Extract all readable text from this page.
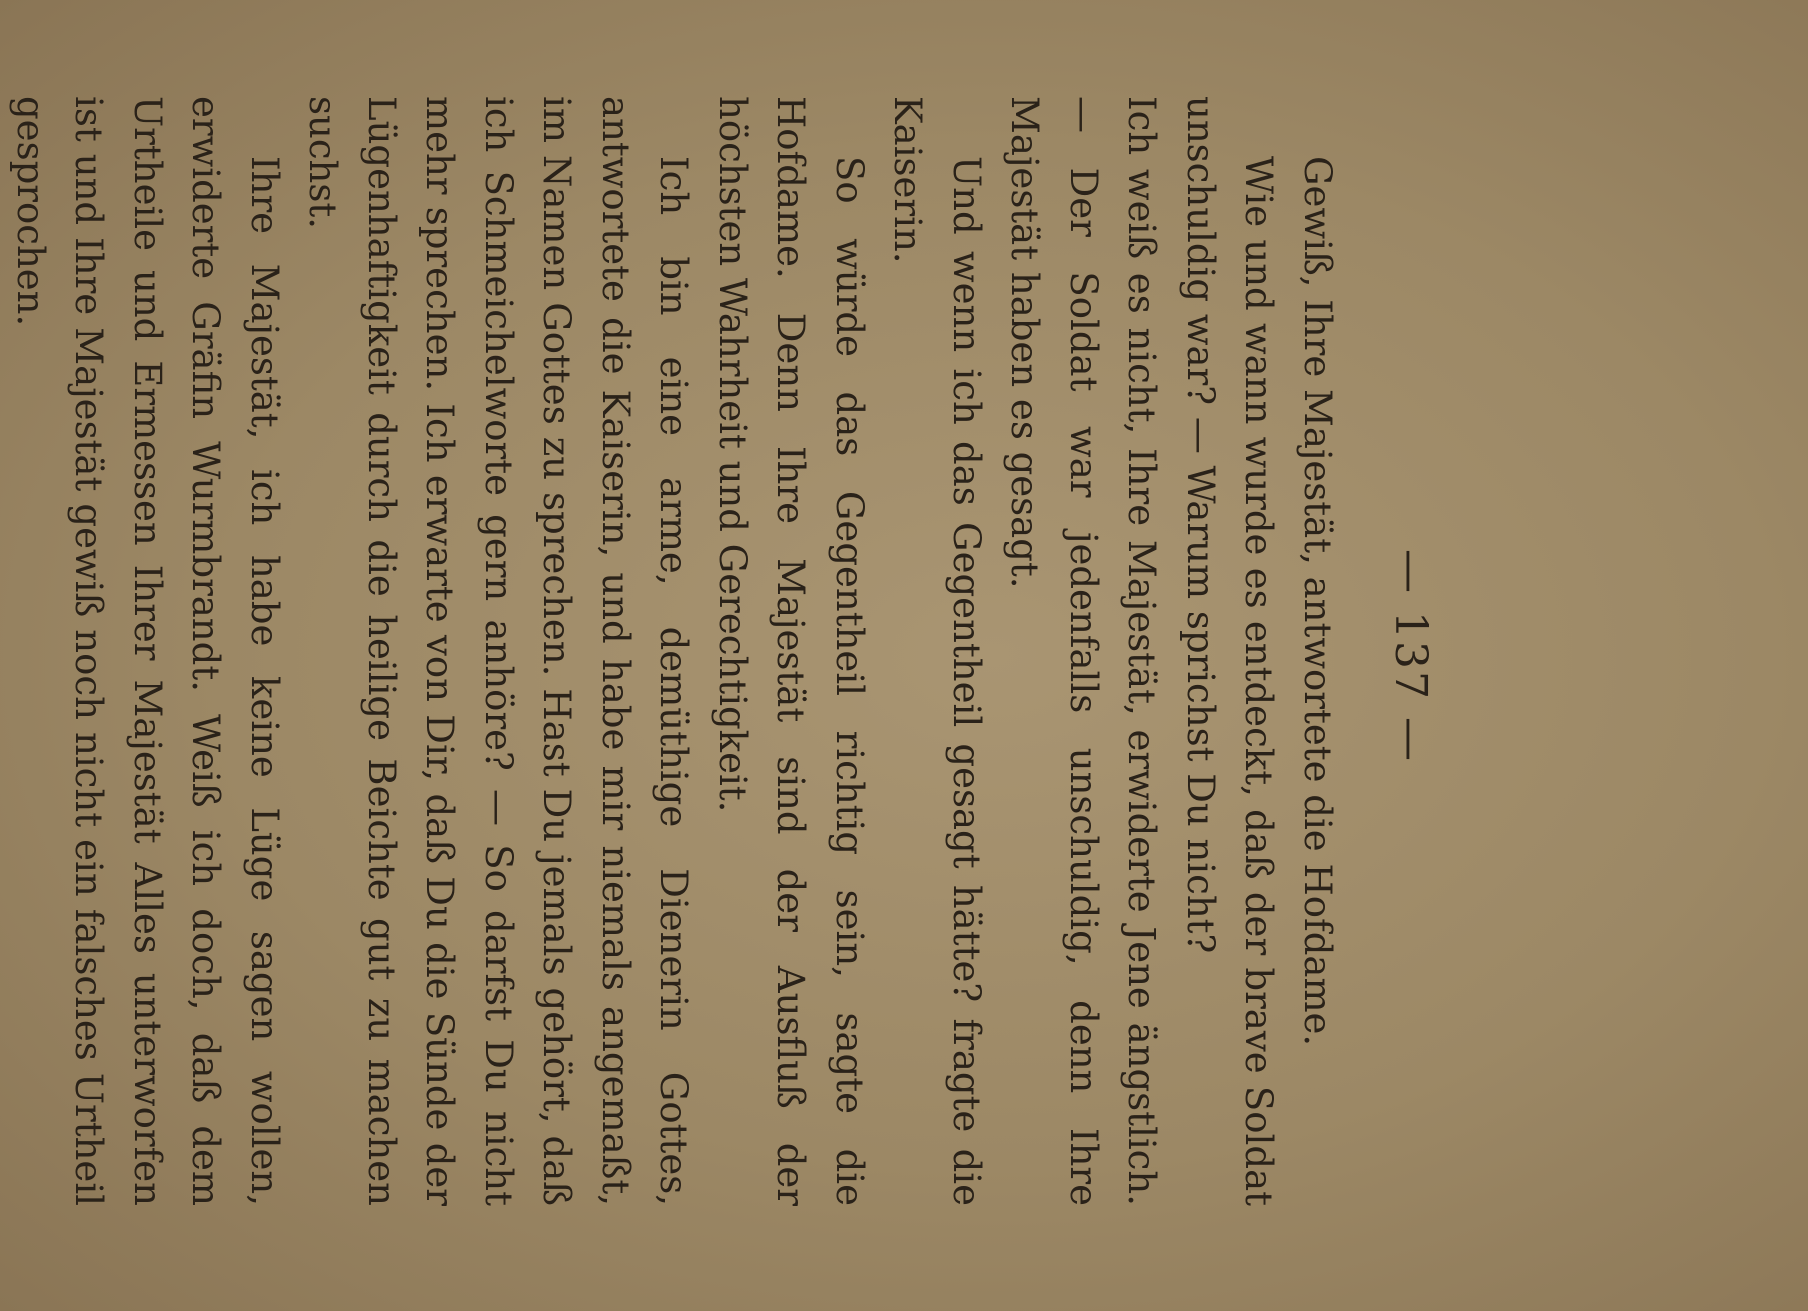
— 137 —

Gewiß, Ihre Majestät, antwortete die Hofdame.

Wie und wann wurde es entdeckt, daß der brave Soldat unschuldig war? — Warum sprichst Du nicht?

Ich weiß es nicht, Ihre Majestät, erwiderte Jene ängstlich. — Der Soldat war jedenfalls unschuldig, denn Ihre Majestät haben es gesagt.

Und wenn ich das Gegentheil gesagt hätte? fragte die Kaiserin.

So würde das Gegentheil richtig sein, sagte die Hofdame. Denn Ihre Majestät sind der Ausfluß der höchsten Wahrheit und Gerechtigkeit.

Ich bin eine arme, demüthige Dienerin Gottes, antwortete die Kaiserin, und habe mir niemals angemaßt, im Namen Gottes zu sprechen. Hast Du jemals gehört, daß ich Schmeichelworte gern anhöre? — So darfst Du nicht mehr sprechen. Ich erwarte von Dir, daß Du die Sünde der Lügenhaftigkeit durch die heilige Beichte gut zu machen suchst.

Ihre Majestät, ich habe keine Lüge sagen wollen, erwiderte Gräfin Wurmbrandt. Weiß ich doch, daß dem Urtheile und Ermessen Ihrer Majestät Alles unterworfen ist und Ihre Majestät gewiß noch nicht ein falsches Urtheil gesprochen.
